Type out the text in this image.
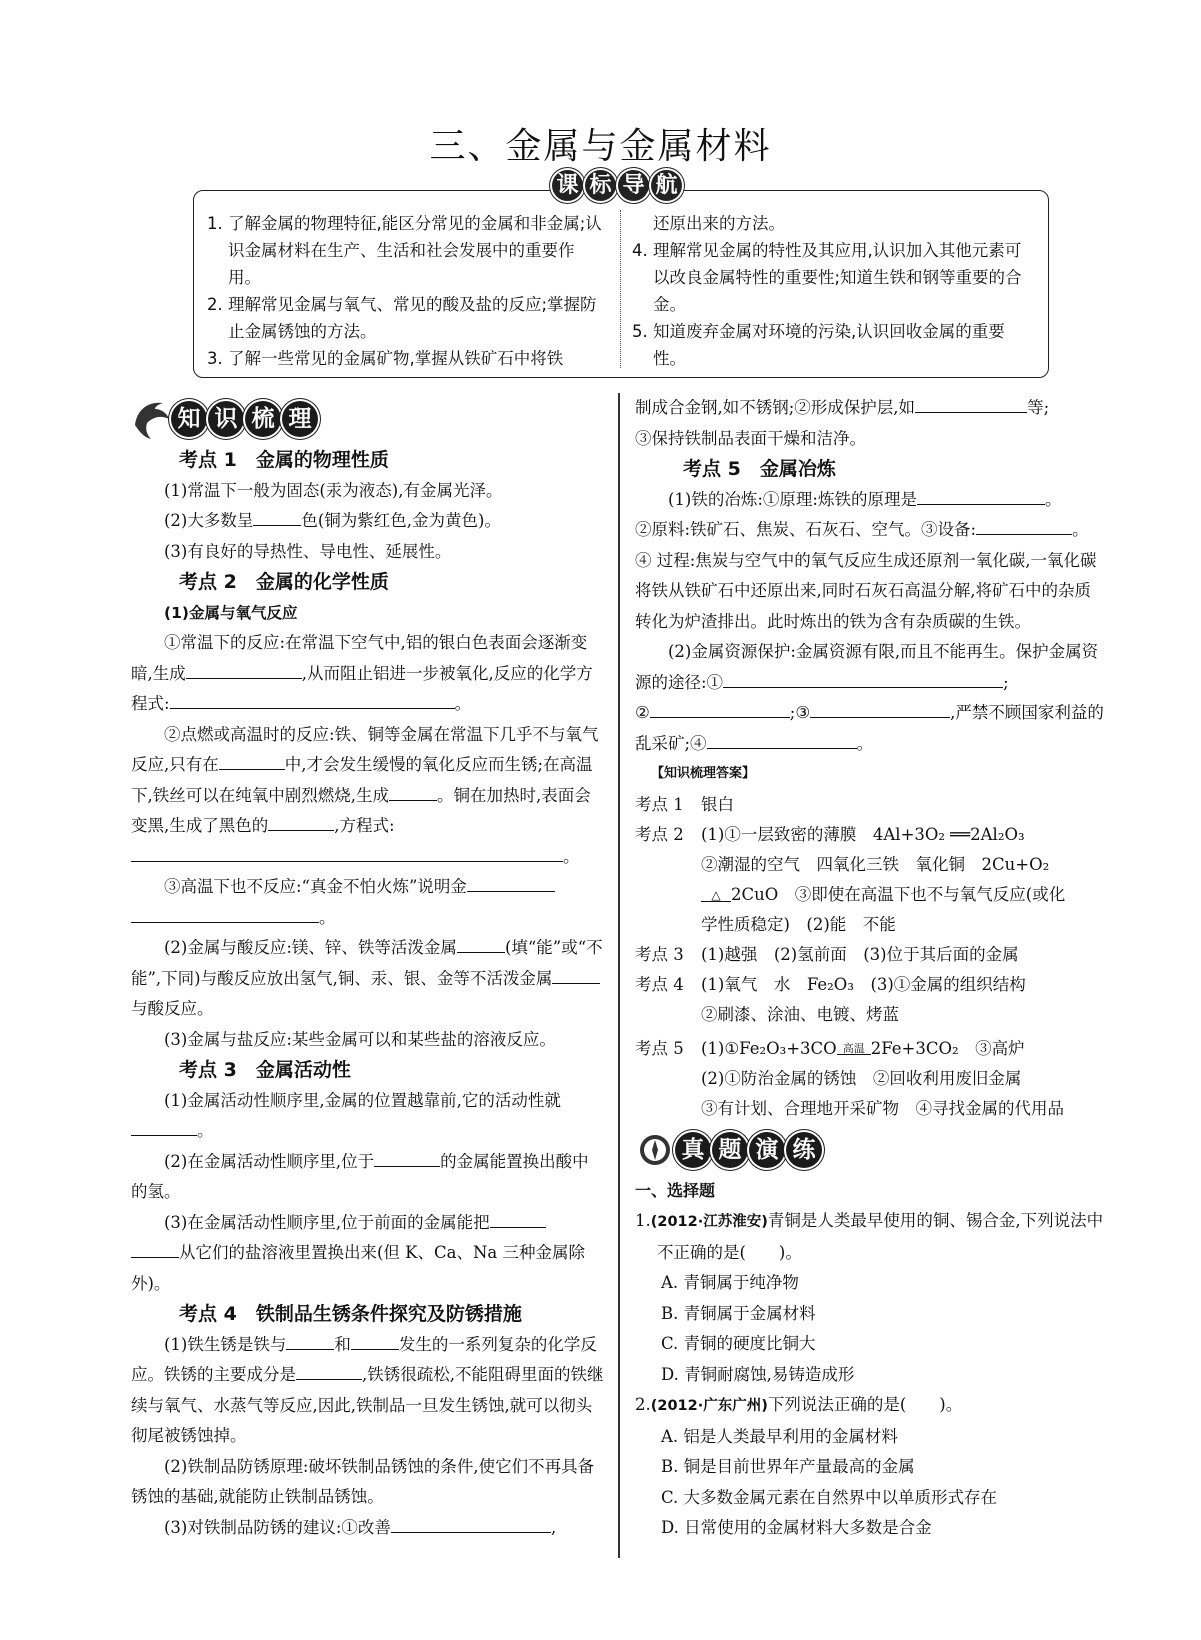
三、金属与金属材料
课 标 导 航

1. 了解金属的物理特征,能区分常见的金属和非金属;认识金属材料在生产、生活和社会发展中的重要作用。

2. 理解常见金属与氧气、常见的酸及盐的反应;掌握防止金属锈蚀的方法。

3. 了解一些常见的金属矿物,掌握从铁矿石中将铁

还原出来的方法。

4. 理解常见金属的特性及其应用,认识加入其他元素可以改良金属特性的重要性;知道生铁和钢等重要的合金。

5. 知道废弃金属对环境的污染,认识回收金属的重要性。

知 识 梳 理

考点 1　金属的物理性质

(1)常温下一般为固态(汞为液态),有金属光泽。

(2)大多数呈	色(铜为紫红色,金为黄色)。

(3)有良好的导热性、导电性、延展性。

考点 2　金属的化学性质

(1)金属与氧气反应

①常温下的反应:在常温下空气中,铝的银白色表面会逐渐变暗,生成	,从而阻止铝进一步被氧化,反应的化学方程式:	。

②点燃或高温时的反应:铁、铜等金属在常温下几乎不与氧气反应,只有在	中,才会发生缓慢的氧化反应而生锈;在高温下,铁丝可以在纯氧中剧烈燃烧,生成	。铜在加热时,表面会变黑,生成了黑色的	,方程式:
。

③高温下也不反应:“真金不怕火炼”说明金
。

(2)金属与酸反应:镁、锌、铁等活泼金属	(填“能”或“不能”,下同)与酸反应放出氢气,铜、汞、银、金等不活泼金属与酸反应。

(3)金属与盐反应:某些金属可以和某些盐的溶液反应。

考点 3　金属活动性

(1)金属活动性顺序里,金属的位置越靠前,它的活动性就。

(2)在金属活动性顺序里,位于	的金属能置换出酸中的氢。

(3)在金属活动性顺序里,位于前面的金属能把
从它们的盐溶液里置换出来(但 K、Ca、Na 三种金属除外)。

考点 4　铁制品生锈条件探究及防锈措施

(1)铁生锈是铁与	和	发生的一系列复杂的化学反应。铁锈的主要成分是	,铁锈很疏松,不能阻碍里面的铁继续与氧气、水蒸气等反应,因此,铁制品一旦发生锈蚀,就可以彻头彻尾被锈蚀掉。

(2)铁制品防锈原理:破坏铁制品锈蚀的条件,使它们不再具备锈蚀的基础,就能防止铁制品锈蚀。

(3)对铁制品防锈的建议:①改善	,

制成合金钢,如不锈钢;②形成保护层,如	等;

③保持铁制品表面干燥和洁净。

考点 5　金属冶炼

(1)铁的冶炼:①原理:炼铁的原理是	。

②原料:铁矿石、焦炭、石灰石、空气。③设备:	。

④ 过程:焦炭与空气中的氧气反应生成还原剂一氧化碳,一氧化碳将铁从铁矿石中还原出来,同时石灰石高温分解,将矿石中的杂质转化为炉渣排出。此时炼出的铁为含有杂质碳的生铁。

(2)金属资源保护:金属资源有限,而且不能再生。保护金属资源的途径:①	;
②	;③	,严禁不顾国家利益的乱采矿;④	。

【知识梳理答案】

考点 1 银白

考点 2 (1)①一层致密的薄膜　4Al+3O₂ ══2Al₂O₃

②潮湿的空气　四氧化三铁　氧化铜　2Cu+O₂

△ 2CuO　③即使在高温下也不与氧气反应(或化

学性质稳定)　(2)能　不能

考点 3 (1)越强　(2)氢前面　(3)位于其后面的金属

考点 4 (1)氧气　水　Fe₂O₃　(3)①金属的组织结构

②刷漆、涂油、电镀、烤蓝

考点 5 (1)①Fe₂O₃+3CO 高温 2Fe+3CO₂　③高炉

(2)①防治金属的锈蚀　②回收利用废旧金属

③有计划、合理地开采矿物　④寻找金属的代用品

真 题 演 练

一、选择题

1.(2012·江苏淮安)青铜是人类最早使用的铜、锡合金,下列说法中不正确的是(　　)。

A. 青铜属于纯净物

B. 青铜属于金属材料

C. 青铜的硬度比铜大

D. 青铜耐腐蚀,易铸造成形

2.(2012·广东广州)下列说法正确的是(　　)。

A. 铝是人类最早利用的金属材料

B. 铜是目前世界年产量最高的金属

C. 大多数金属元素在自然界中以单质形式存在

D. 日常使用的金属材料大多数是合金
